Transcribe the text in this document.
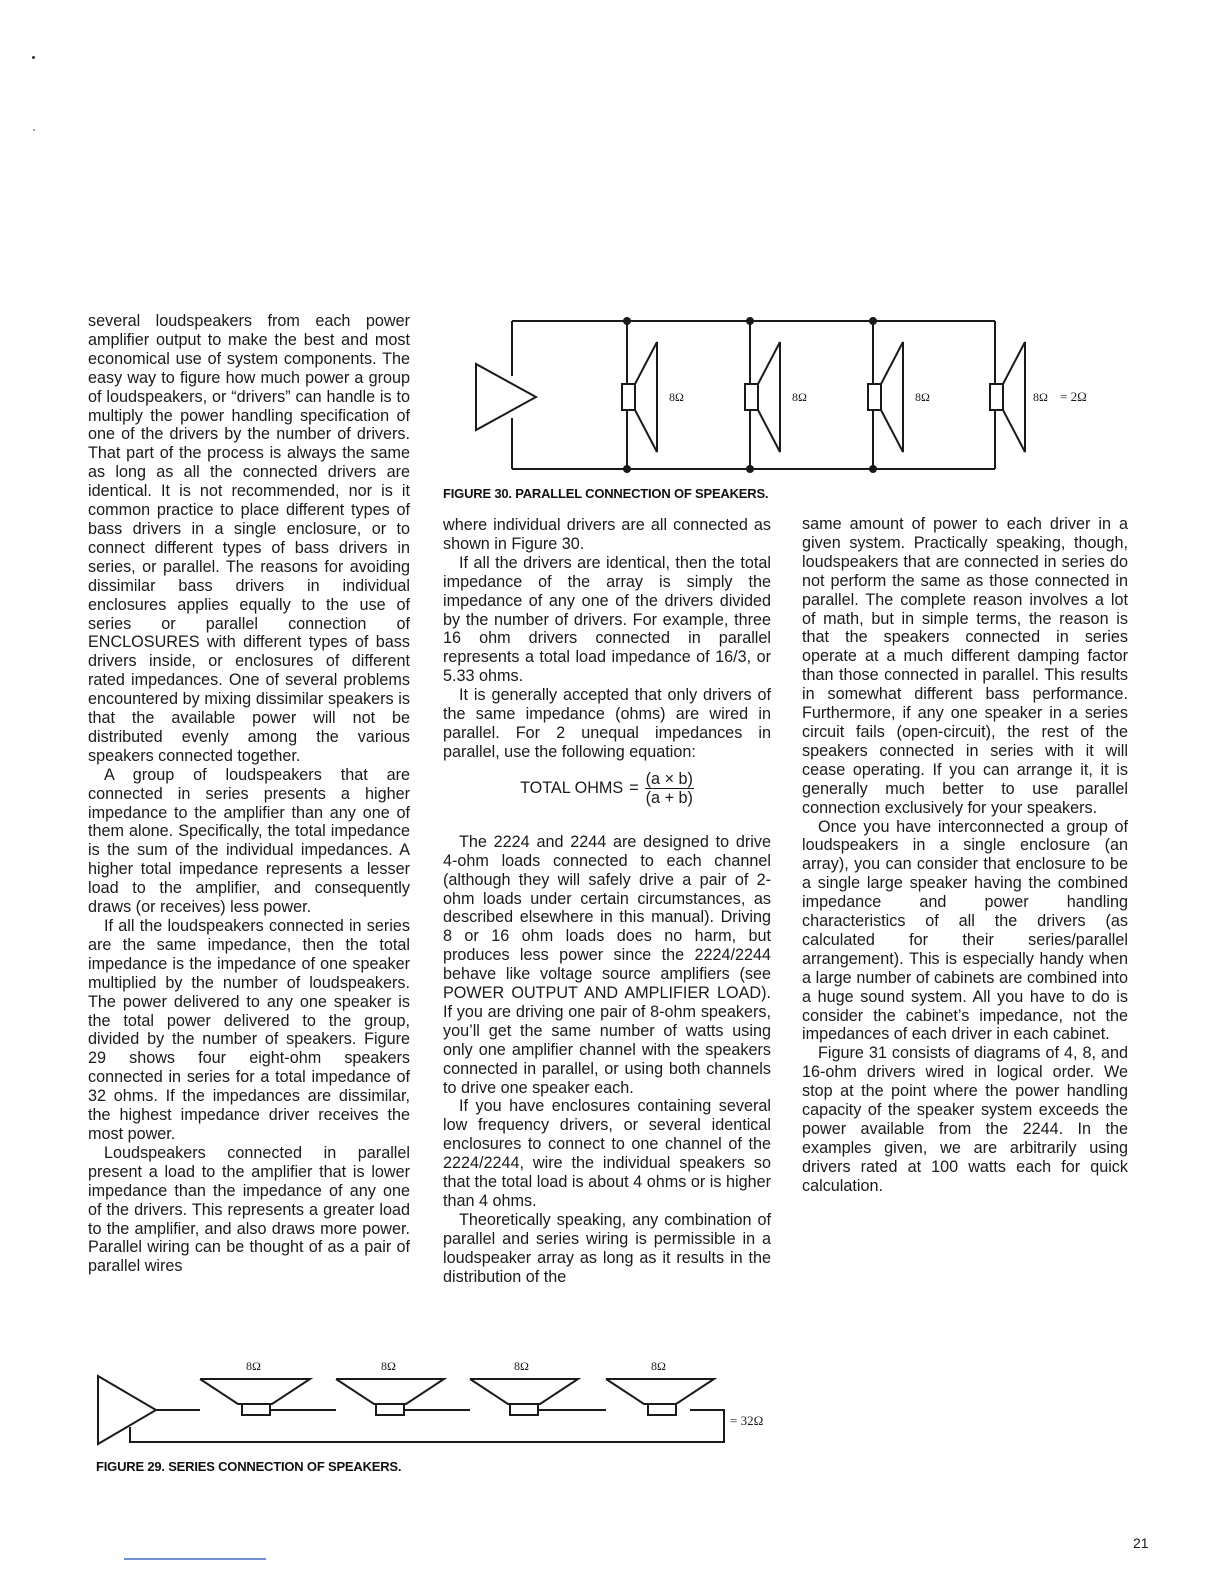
several loudspeakers from each power amplifier output to make the best and most economical use of system components. The easy way to figure how much power a group of loudspeakers, or “drivers” can handle is to multiply the power handling specification of one of the drivers by the number of drivers. That part of the process is always the same as long as all the connected drivers are identical. It is not recommended, nor is it common practice to place different types of bass drivers in a single enclosure, or to connect different types of bass drivers in series, or parallel. The reasons for avoiding dissimilar bass drivers in individual enclosures applies equally to the use of series or parallel connection of ENCLOSURES with different types of bass drivers inside, or enclosures of different rated impedances. One of several problems encountered by mixing dissimilar speakers is that the available power will not be distributed evenly among the various speakers connected together.

A group of loudspeakers that are connected in series presents a higher impedance to the amplifier than any one of them alone. Specifically, the total impedance is the sum of the individual impedances. A higher total impedance represents a lesser load to the amplifier, and consequently draws (or receives) less power.

If all the loudspeakers connected in series are the same impedance, then the total impedance is the impedance of one speaker multiplied by the number of loudspeakers. The power delivered to any one speaker is the total power delivered to the group, divided by the number of speakers. Figure 29 shows four eight-ohm speakers connected in series for a total impedance of 32 ohms. If the impedances are dissimilar, the highest impedance driver receives the most power.

Loudspeakers connected in parallel present a load to the amplifier that is lower impedance than the impedance of any one of the drivers. This represents a greater load to the amplifier, and also draws more power. Parallel wiring can be thought of as a pair of parallel wires

8Ω	8Ω	8Ω	8Ω = 2Ω
FIGURE 30. PARALLEL CONNECTION OF SPEAKERS.

where individual drivers are all connected as shown in Figure 30.

If all the drivers are identical, then the total impedance of the array is simply the impedance of any one of the drivers divided by the number of drivers. For example, three 16 ohm drivers connected in parallel represents a total load impedance of 16/3, or 5.33 ohms.

It is generally accepted that only drivers of the same impedance (ohms) are wired in parallel. For 2 unequal impedances in parallel, use the following equation:

TOTAL OHMS = $\frac{(a \times b)}{(a + b)}$

The 2224 and 2244 are designed to drive 4-ohm loads connected to each channel (although they will safely drive a pair of 2-ohm loads under certain circumstances, as described elsewhere in this manual). Driving 8 or 16 ohm loads does no harm, but produces less power since the 2224/2244 behave like voltage source amplifiers (see POWER OUTPUT AND AMPLIFIER LOAD). If you are driving one pair of 8-ohm speakers, you’ll get the same number of watts using only one amplifier channel with the speakers connected in parallel, or using both channels to drive one speaker each.

If you have enclosures containing several low frequency drivers, or several identical enclosures to connect to one channel of the 2224/2244, wire the individual speakers so that the total load is about 4 ohms or is higher than 4 ohms.

Theoretically speaking, any combination of parallel and series wiring is permissible in a loudspeaker array as long as it results in the distribution of the

same amount of power to each driver in a given system. Practically speaking, though, loudspeakers that are connected in series do not perform the same as those connected in parallel. The complete reason involves a lot of math, but in simple terms, the reason is that the speakers connected in series operate at a much different damping factor than those connected in parallel. This results in somewhat different bass performance. Furthermore, if any one speaker in a series circuit fails (open-circuit), the rest of the speakers connected in series with it will cease operating. If you can arrange it, it is generally much better to use parallel connection exclusively for your speakers.

Once you have interconnected a group of loudspeakers in a single enclosure (an array), you can consider that enclosure to be a single large speaker having the combined impedance and power handling characteristics of all the drivers (as calculated for their series/parallel arrangement). This is especially handy when a large number of cabinets are combined into a huge sound system. All you have to do is consider the cabinet’s impedance, not the impedances of each driver in each cabinet.

Figure 31 consists of diagrams of 4, 8, and 16-ohm drivers wired in logical order. We stop at the point where the power handling capacity of the speaker system exceeds the power available from the 2244. In the examples given, we are arbitrarily using drivers rated at 100 watts each for quick calculation.

8Ω	8Ω	8Ω	8Ω
= 32Ω
FIGURE 29. SERIES CONNECTION OF SPEAKERS.
21
